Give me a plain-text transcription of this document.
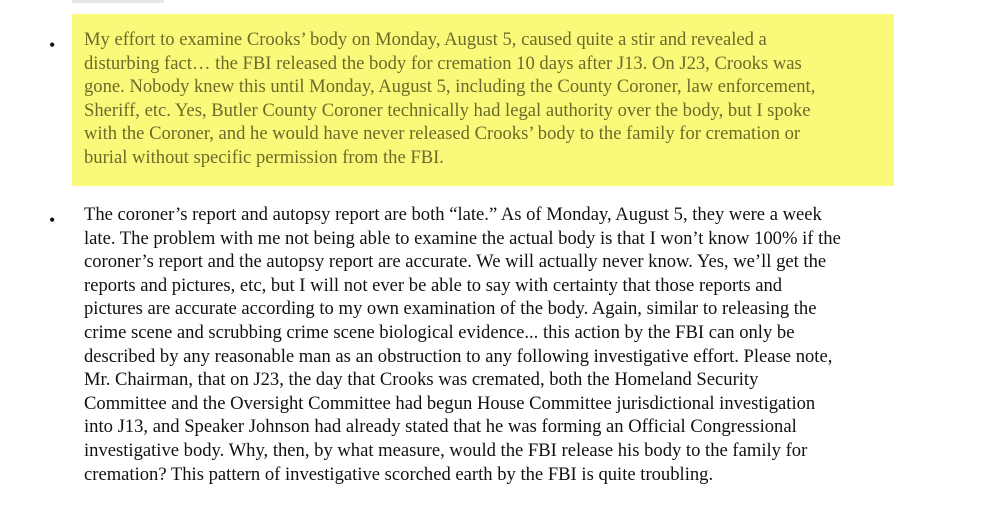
• My effort to examine Crooks’ body on Monday, August 5, caused quite a stir and revealed a
disturbing fact… the FBI released the body for cremation 10 days after J13. On J23, Crooks was
gone. Nobody knew this until Monday, August 5, including the County Coroner, law enforcement,
Sheriff, etc. Yes, Butler County Coroner technically had legal authority over the body, but I spoke
with the Coroner, and he would have never released Crooks’ body to the family for cremation or
burial without specific permission from the FBI.

• The coroner’s report and autopsy report are both “late.” As of Monday, August 5, they were a week
late. The problem with me not being able to examine the actual body is that I won’t know 100% if the
coroner’s report and the autopsy report are accurate. We will actually never know. Yes, we’ll get the
reports and pictures, etc, but I will not ever be able to say with certainty that those reports and
pictures are accurate according to my own examination of the body. Again, similar to releasing the
crime scene and scrubbing crime scene biological evidence... this action by the FBI can only be
described by any reasonable man as an obstruction to any following investigative effort. Please note,
Mr. Chairman, that on J23, the day that Crooks was cremated, both the Homeland Security
Committee and the Oversight Committee had begun House Committee jurisdictional investigation
into J13, and Speaker Johnson had already stated that he was forming an Official Congressional
investigative body. Why, then, by what measure, would the FBI release his body to the family for
cremation? This pattern of investigative scorched earth by the FBI is quite troubling.
